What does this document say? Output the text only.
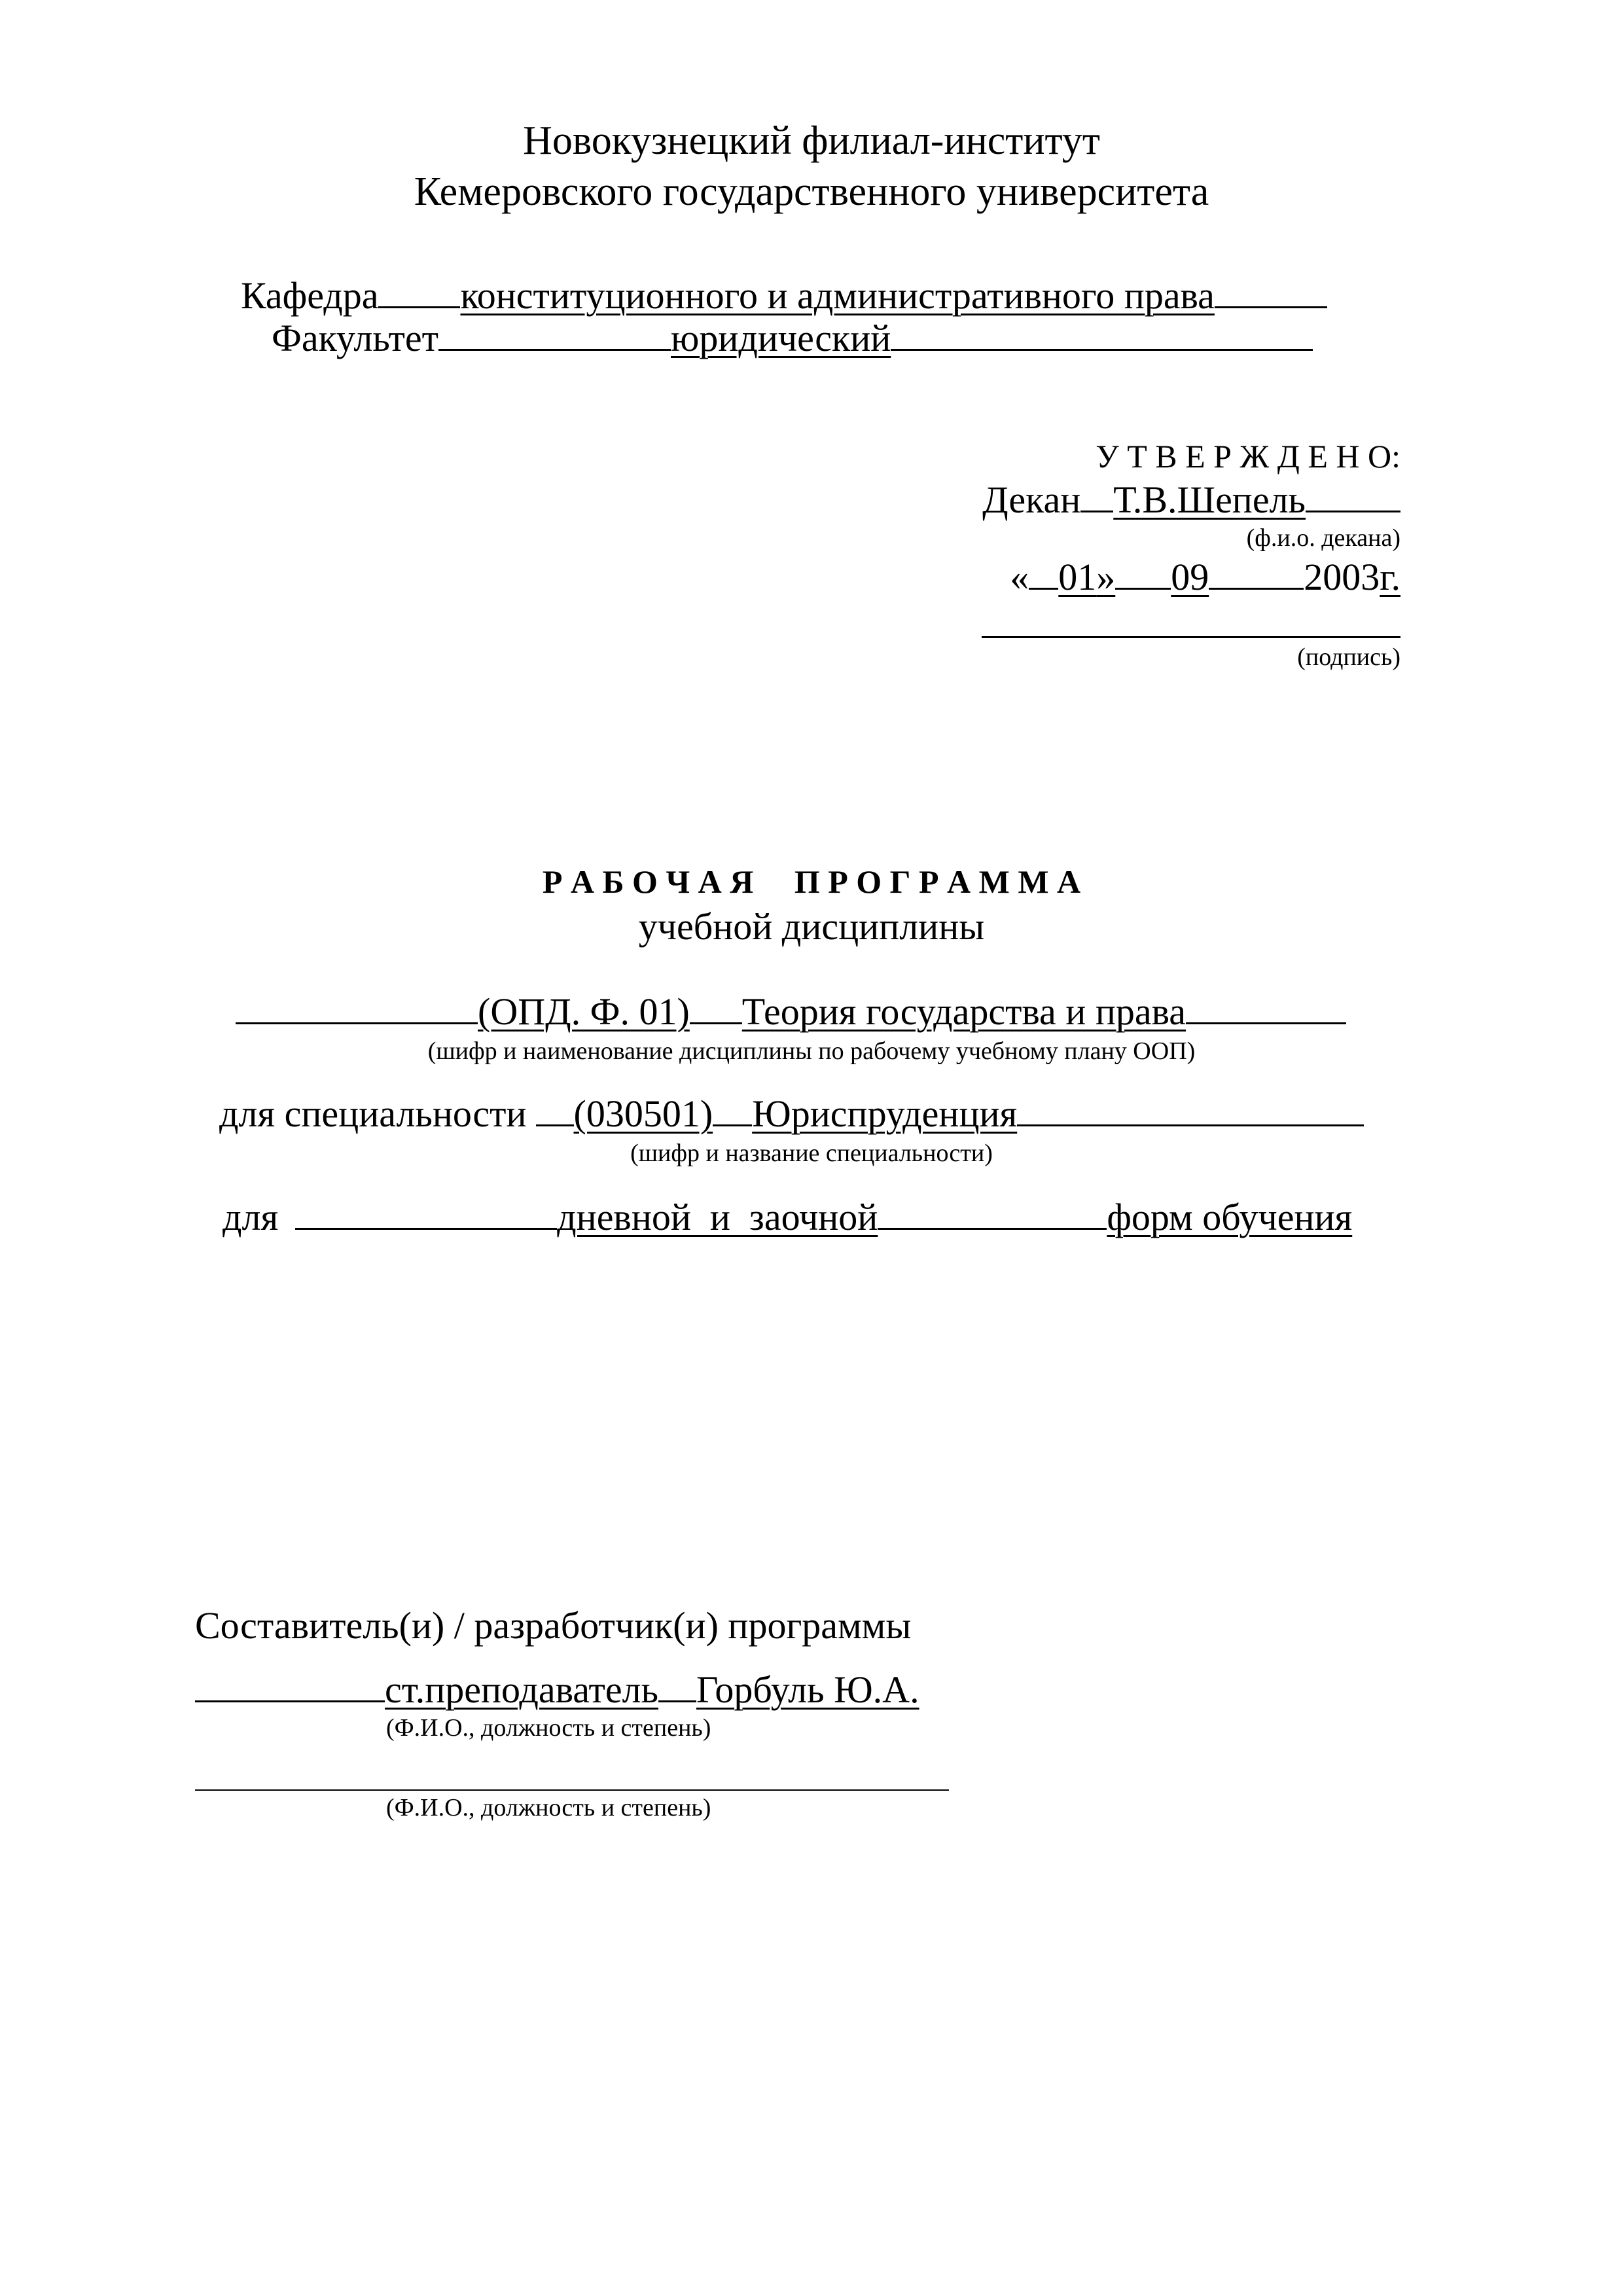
Новокузнецкий филиал-институт
Кемеровского государственного университета
Кафедра конституционного и административного права
Факультет	юридический
У Т В Е Р Ж Д Е Н О:
Декан Т.В.Шепель
(ф.и.о. декана)
« 01» 09	2003г.
(подпись)
Р А Б О Ч А Я     П Р О Г Р А М М А
учебной дисциплины
(ОПД. Ф. 01) Теория государства и права
(шифр и наименование дисциплины по рабочему учебному плану ООП)
для специальности (030501) Юриспруденция
(шифр и название специальности)
для	дневной  и  заочной	форм обучения
Составитель(и) / разработчик(и) программы
ст.преподаватель Горбуль Ю.А.
(Ф.И.О., должность и степень)
(Ф.И.О., должность и степень)
